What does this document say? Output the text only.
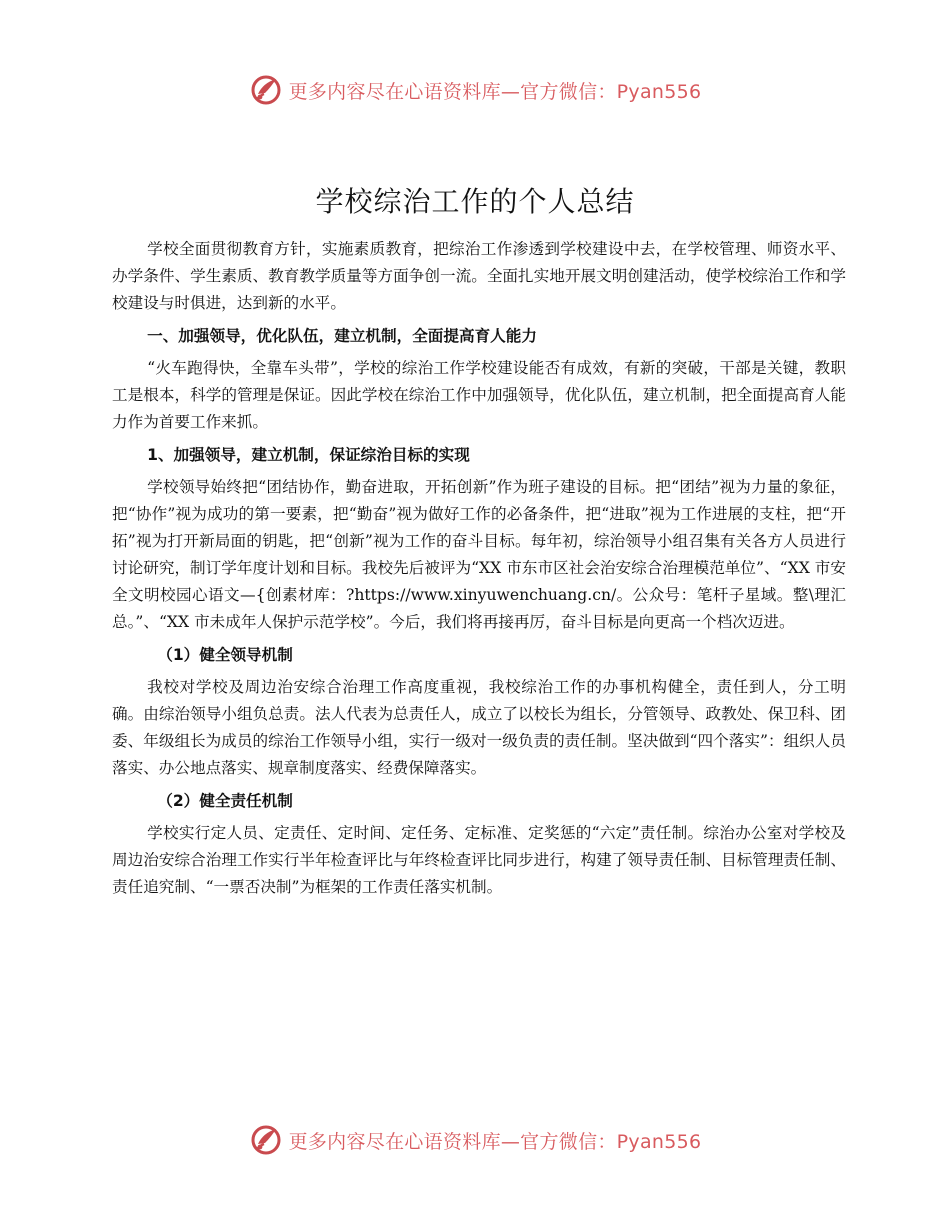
更多内容尽在心语资料库—官方微信：Pyan556
学校综治工作的个人总结

学校全面贯彻教育方针，实施素质教育，把综治工作渗透到学校建设中去，在学校管理、师资水平、办学条件、学生素质、教育教学质量等方面争创一流。全面扎实地开展文明创建活动，使学校综治工作和学校建设与时俱进，达到新的水平。

一、加强领导，优化队伍，建立机制，全面提高育人能力

“火车跑得快，全靠车头带”，学校的综治工作学校建设能否有成效，有新的突破，干部是关键，教职工是根本，科学的管理是保证。因此学校在综治工作中加强领导，优化队伍，建立机制，把全面提高育人能力作为首要工作来抓。

1、加强领导，建立机制，保证综治目标的实现

学校领导始终把“团结协作，勤奋进取，开拓创新”作为班子建设的目标。把“团结”视为力量的象征，把“协作”视为成功的第一要素，把“勤奋”视为做好工作的必备条件，把“进取”视为工作进展的支柱，把“开拓”视为打开新局面的钥匙，把“创新”视为工作的奋斗目标。每年初，综治领导小组召集有关各方人员进行讨论研究，制订学年度计划和目标。我校先后被评为“XX 市东市区社会治安综合治理模范单位”、“XX 市安全文明校园心语文—{创素材库：?https://www.xinyuwenchuang.cn/。公众号：笔杆子星域。整\理汇总。”、“XX 市未成年人保护示范学校”。今后，我们将再接再厉，奋斗目标是向更高一个档次迈进。

（1）健全领导机制

我校对学校及周边治安综合治理工作高度重视，我校综治工作的办事机构健全，责任到人，分工明确。由综治领导小组负总责。法人代表为总责任人，成立了以校长为组长，分管领导、政教处、保卫科、团委、年级组长为成员的综治工作领导小组，实行一级对一级负责的责任制。坚决做到“四个落实”：组织人员落实、办公地点落实、规章制度落实、经费保障落实。

（2）健全责任机制

学校实行定人员、定责任、定时间、定任务、定标准、定奖惩的“六定”责任制。综治办公室对学校及周边治安综合治理工作实行半年检查评比与年终检查评比同步进行，构建了领导责任制、目标管理责任制、责任追究制、“一票否决制”为框架的工作责任落实机制。

更多内容尽在心语资料库—官方微信：Pyan556
